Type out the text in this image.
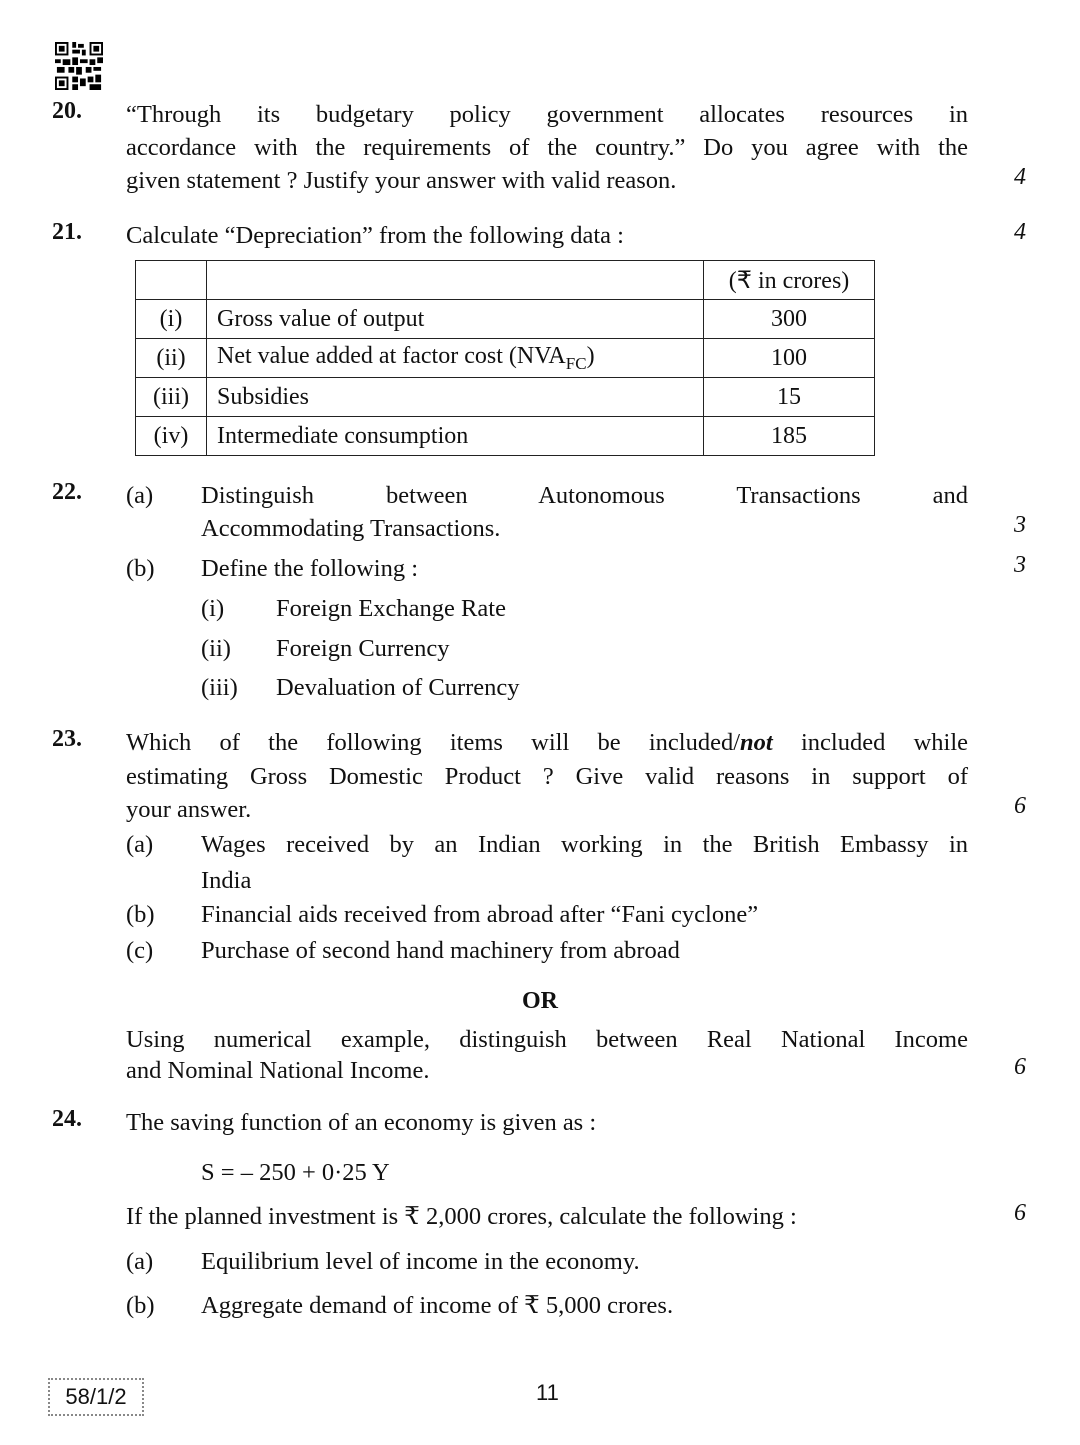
20. “Through its budgetary policy government allocates resources in
accordance with the requirements of the country.” Do you agree with the
given statement ? Justify your answer with valid reason.	4
21. Calculate “Depreciation” from the following data :	4
		(₹ in crores)
(i)	Gross value of output	300
(ii)	Net value added at factor cost $(NVA_{FC})$	100
(iii)	Subsidies	15
(iv)	Intermediate consumption	185
22. (a) Distinguish between Autonomous Transactions and
Accommodating Transactions.	3
(b) Define the following :	3
(i) Foreign Exchange Rate
(ii) Foreign Currency
(iii) Devaluation of Currency
23. Which of the following items will be included/not included while
estimating Gross Domestic Product ? Give valid reasons in support of
your answer.	6
(a) Wages received by an Indian working in the British Embassy in
India
(b) Financial aids received from abroad after “Fani cyclone”
(c) Purchase of second hand machinery from abroad
OR
Using numerical example, distinguish between Real National Income
and Nominal National Income.	6
24. The saving function of an economy is given as :
S = – 250 + 0·25 Y
If the planned investment is ₹ 2,000 crores, calculate the following :	6
(a) Equilibrium level of income in the economy.
(b) Aggregate demand of income of ₹ 5,000 crores.
58/1/2	11
